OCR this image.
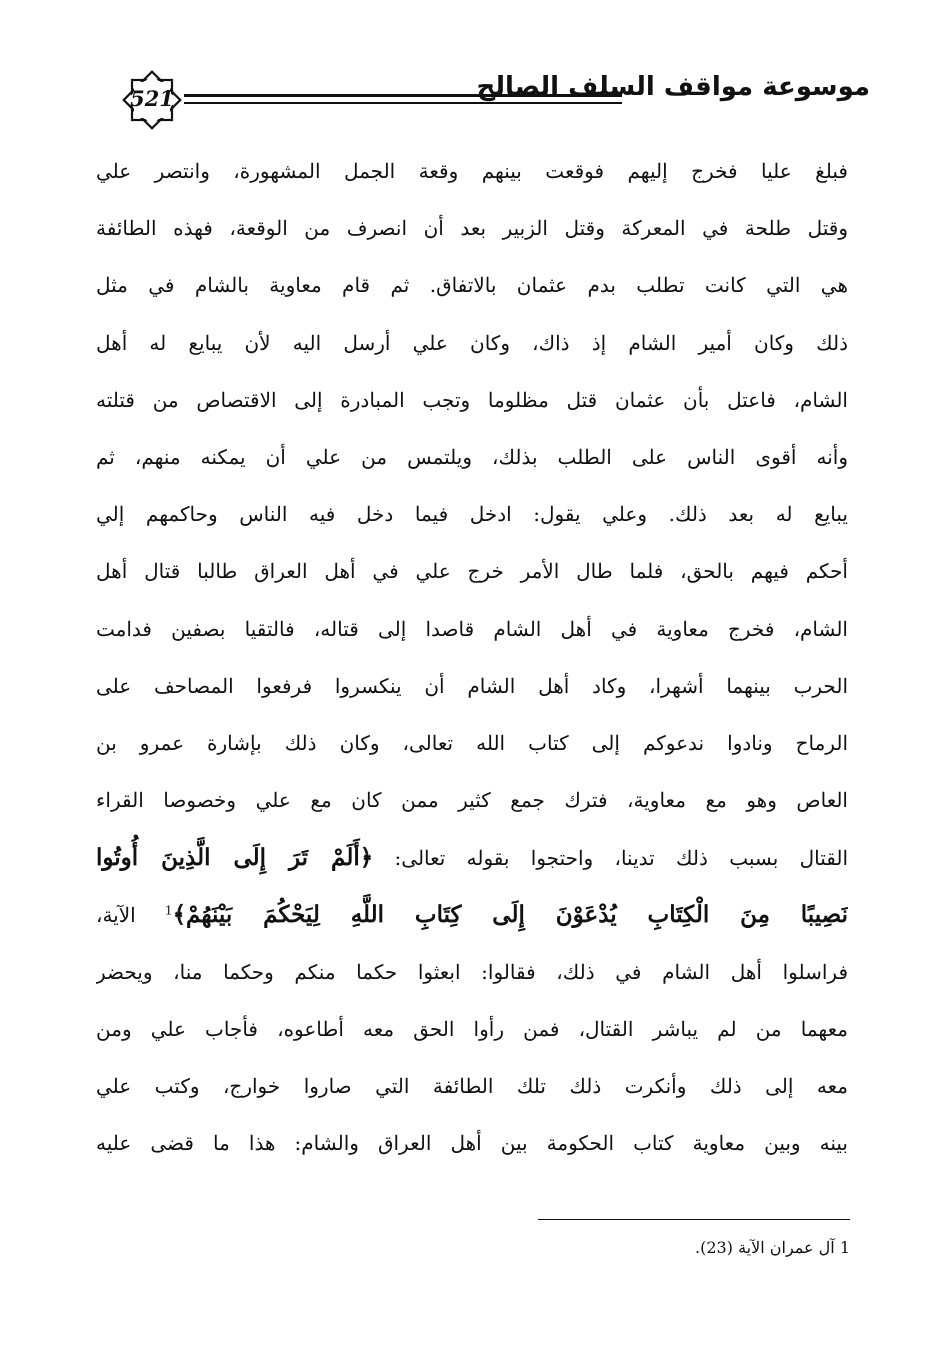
521	موسوعة مواقف السلف الصالح
فبلغ عليا فخرج إليهم فوقعت بينهم وقعة الجمل المشهورة، وانتصر علي
وقتل طلحة في المعركة وقتل الزبير بعد أن انصرف من الوقعة، فهذه الطائفة
هي التي كانت تطلب بدم عثمان بالاتفاق. ثم قام معاوية بالشام في مثل
ذلك وكان أمير الشام إذ ذاك، وكان علي أرسل اليه لأن يبايع له أهل
الشام، فاعتل بأن عثمان قتل مظلوما وتجب المبادرة إلى الاقتصاص من قتلته
وأنه أقوى الناس على الطلب بذلك، ويلتمس من علي أن يمكنه منهم، ثم
يبايع له بعد ذلك. وعلي يقول: ادخل فيما دخل فيه الناس وحاكمهم إلي
أحكم فيهم بالحق، فلما طال الأمر خرج علي في أهل العراق طالبا قتال أهل
الشام، فخرج معاوية في أهل الشام قاصدا إلى قتاله، فالتقيا بصفين فدامت
الحرب بينهما أشهرا، وكاد أهل الشام أن ينكسروا فرفعوا المصاحف على
الرماح ونادوا ندعوكم إلى كتاب الله تعالى، وكان ذلك بإشارة عمرو بن
العاص وهو مع معاوية، فترك جمع كثير ممن كان مع علي وخصوصا القراء
القتال بسبب ذلك تدينا، واحتجوا بقوله تعالى: ﴿أَلَمْ تَرَ إِلَى الَّذِينَ أُوتُوا
نَصِيبًا مِنَ الْكِتَابِ يُدْعَوْنَ إِلَى كِتَابِ اللَّهِ لِيَحْكُمَ بَيْنَهُمْ﴾$^1$ الآية،
فراسلوا أهل الشام في ذلك، فقالوا: ابعثوا حكما منكم وحكما منا، ويحضر
معهما من لم يباشر القتال، فمن رأوا الحق معه أطاعوه، فأجاب علي ومن
معه إلى ذلك وأنكرت ذلك تلك الطائفة التي صاروا خوارج، وكتب علي
بينه وبين معاوية كتاب الحكومة بين أهل العراق والشام: هذا ما قضى عليه
1 آل عمران الآية (23).
